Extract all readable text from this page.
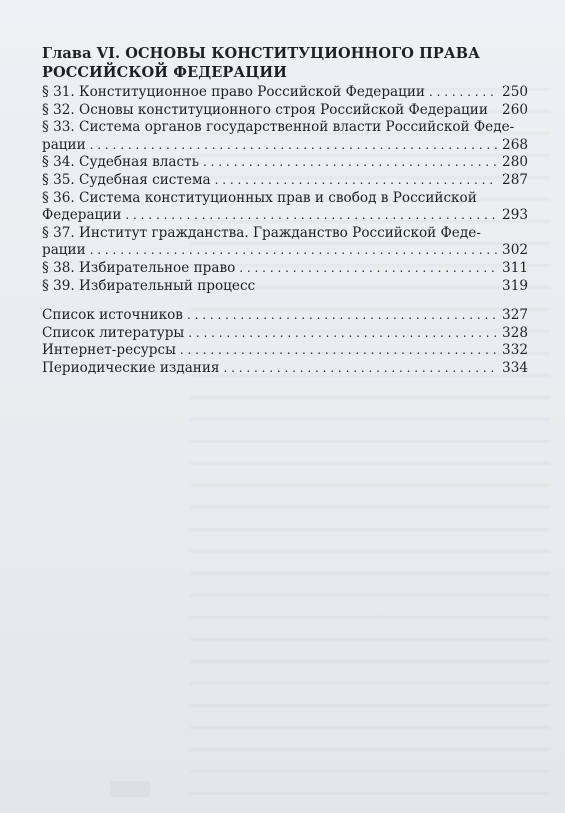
Глава VI. ОСНОВЫ КОНСТИТУЦИОННОГО ПРАВА
РОССИЙСКОЙ ФЕДЕРАЦИИ
§ 31. Конституционное право Российской Федерации . . .	250
§ 32. Основы конституционного строя Российской Федерации 260
§ 33. Система органов государственной власти Российской Феде-
рации . . .	268
§ 34. Судебная власть . . .	280
§ 35. Судебная система . . .	287
§ 36. Система конституционных прав и свобод в Российской
Федерации . . .	293
§ 37. Институт гражданства. Гражданство Российской Феде-
рации . . .	302
§ 38. Избирательное право . . .	311
§ 39. Избирательный процесс	319
Список источников . . .	327
Список литературы . . .	328
Интернет-ресурсы . . .	332
Периодические издания . . .	334
